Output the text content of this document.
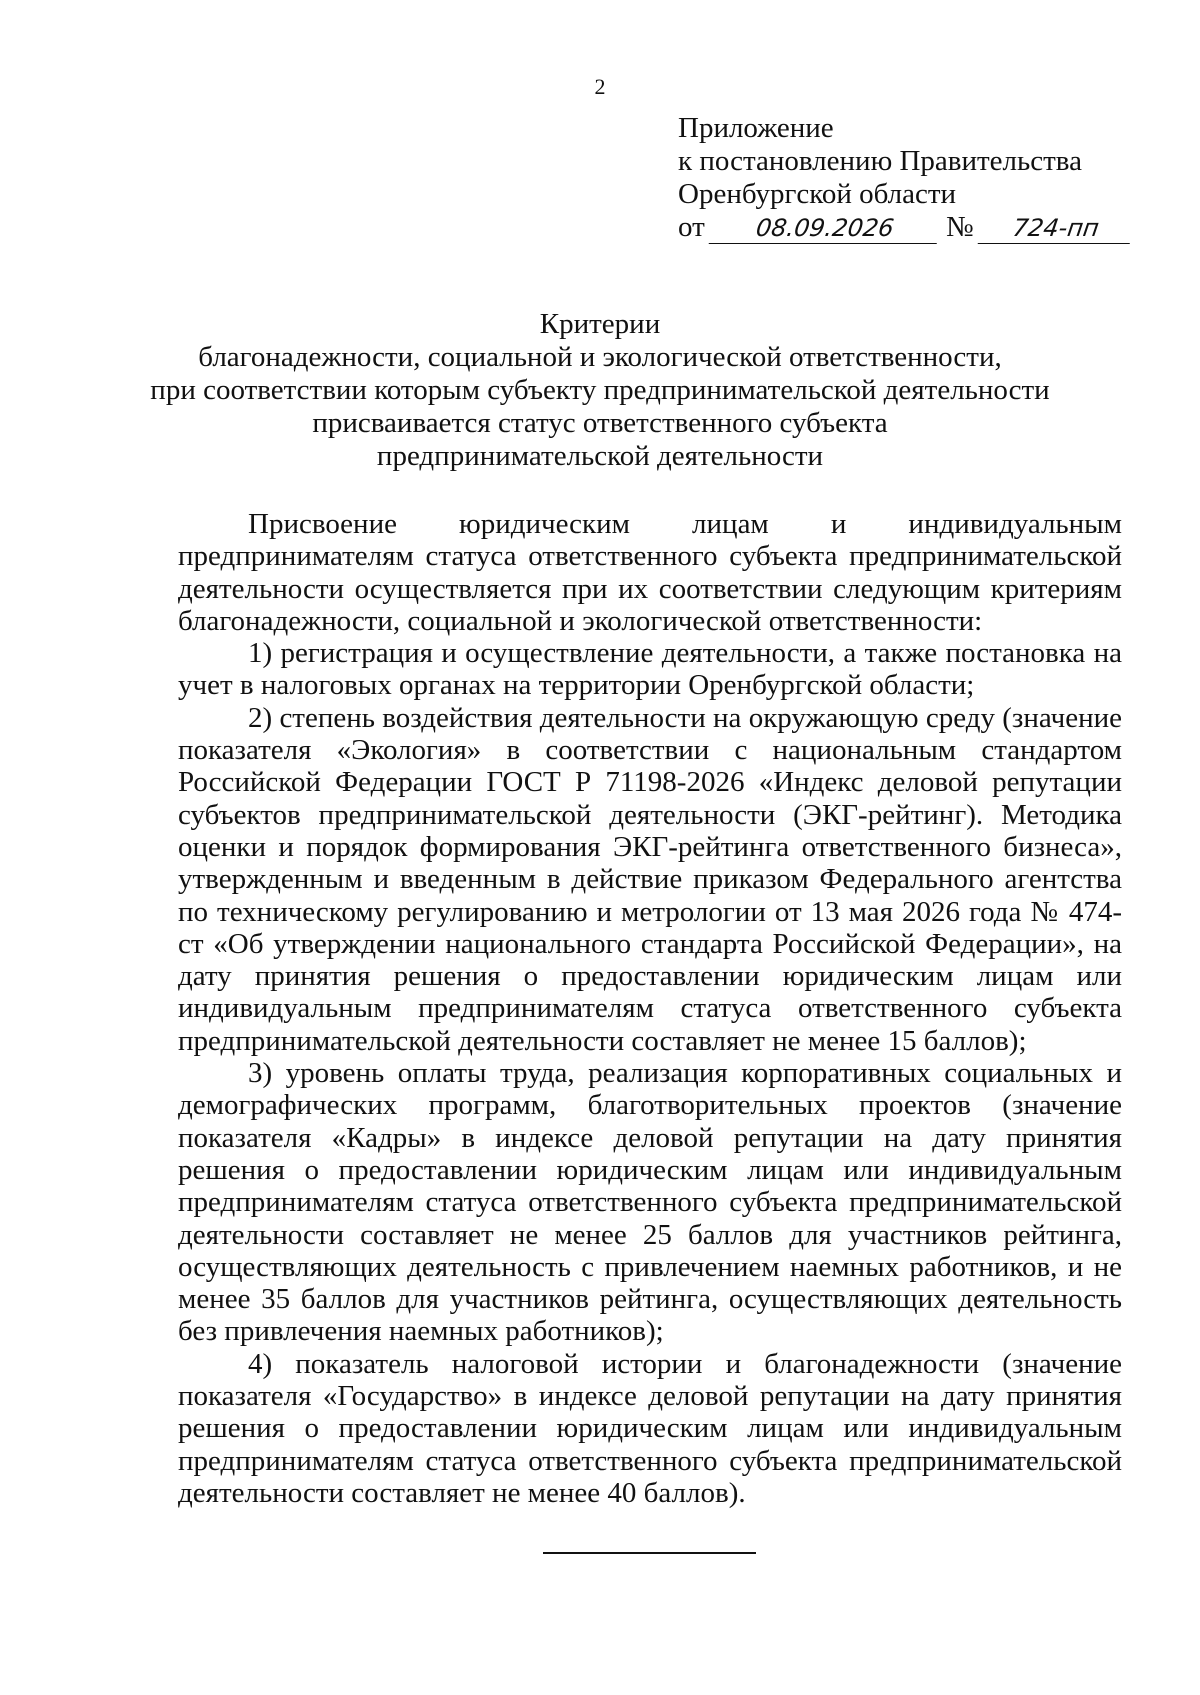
2
Приложение
к постановлению Правительства
Оренбургской области
от 08.09.2026 № 724-пп
Критерии
благонадежности, социальной и экологической ответственности,
при соответствии которым субъекту предпринимательской деятельности
присваивается статус ответственного субъекта
предпринимательской деятельности

Присвоение юридическим лицам и индивидуальным предпринимателям статуса ответственного субъекта предпринимательской деятельности осуществляется при их соответствии следующим критериям благонадежности, социальной и экологической ответственности:

1) регистрация и осуществление деятельности, а также постановка на учет в налоговых органах на территории Оренбургской области;

2) степень воздействия деятельности на окружающую среду (значение показателя «Экология» в соответствии с национальным стандартом Российской Федерации ГОСТ Р 71198-2026 «Индекс деловой репутации субъектов предпринимательской деятельности (ЭКГ-рейтинг). Методика оценки и порядок формирования ЭКГ-рейтинга ответственного бизнеса», утвержденным и введенным в действие приказом Федерального агентства по техническому регулированию и метрологии от 13 мая 2026 года № 474-ст «Об утверждении национального стандарта Российской Федерации», на дату принятия решения о предоставлении юридическим лицам или индивидуальным предпринимателям статуса ответственного субъекта предпринимательской деятельности составляет не менее 15 баллов);

3) уровень оплаты труда, реализация корпоративных социальных и демографических программ, благотворительных проектов (значение показателя «Кадры» в индексе деловой репутации на дату принятия решения о предоставлении юридическим лицам или индивидуальным предпринимателям статуса ответственного субъекта предпринимательской деятельности составляет не менее 25 баллов для участников рейтинга, осуществляющих деятельность с привлечением наемных работников, и не менее 35 баллов для участников рейтинга, осуществляющих деятельность без привлечения наемных работников);

4) показатель налоговой истории и благонадежности (значение показателя «Государство» в индексе деловой репутации на дату принятия решения о предоставлении юридическим лицам или индивидуальным предпринимателям статуса ответственного субъекта предпринимательской деятельности составляет не менее 40 баллов).
